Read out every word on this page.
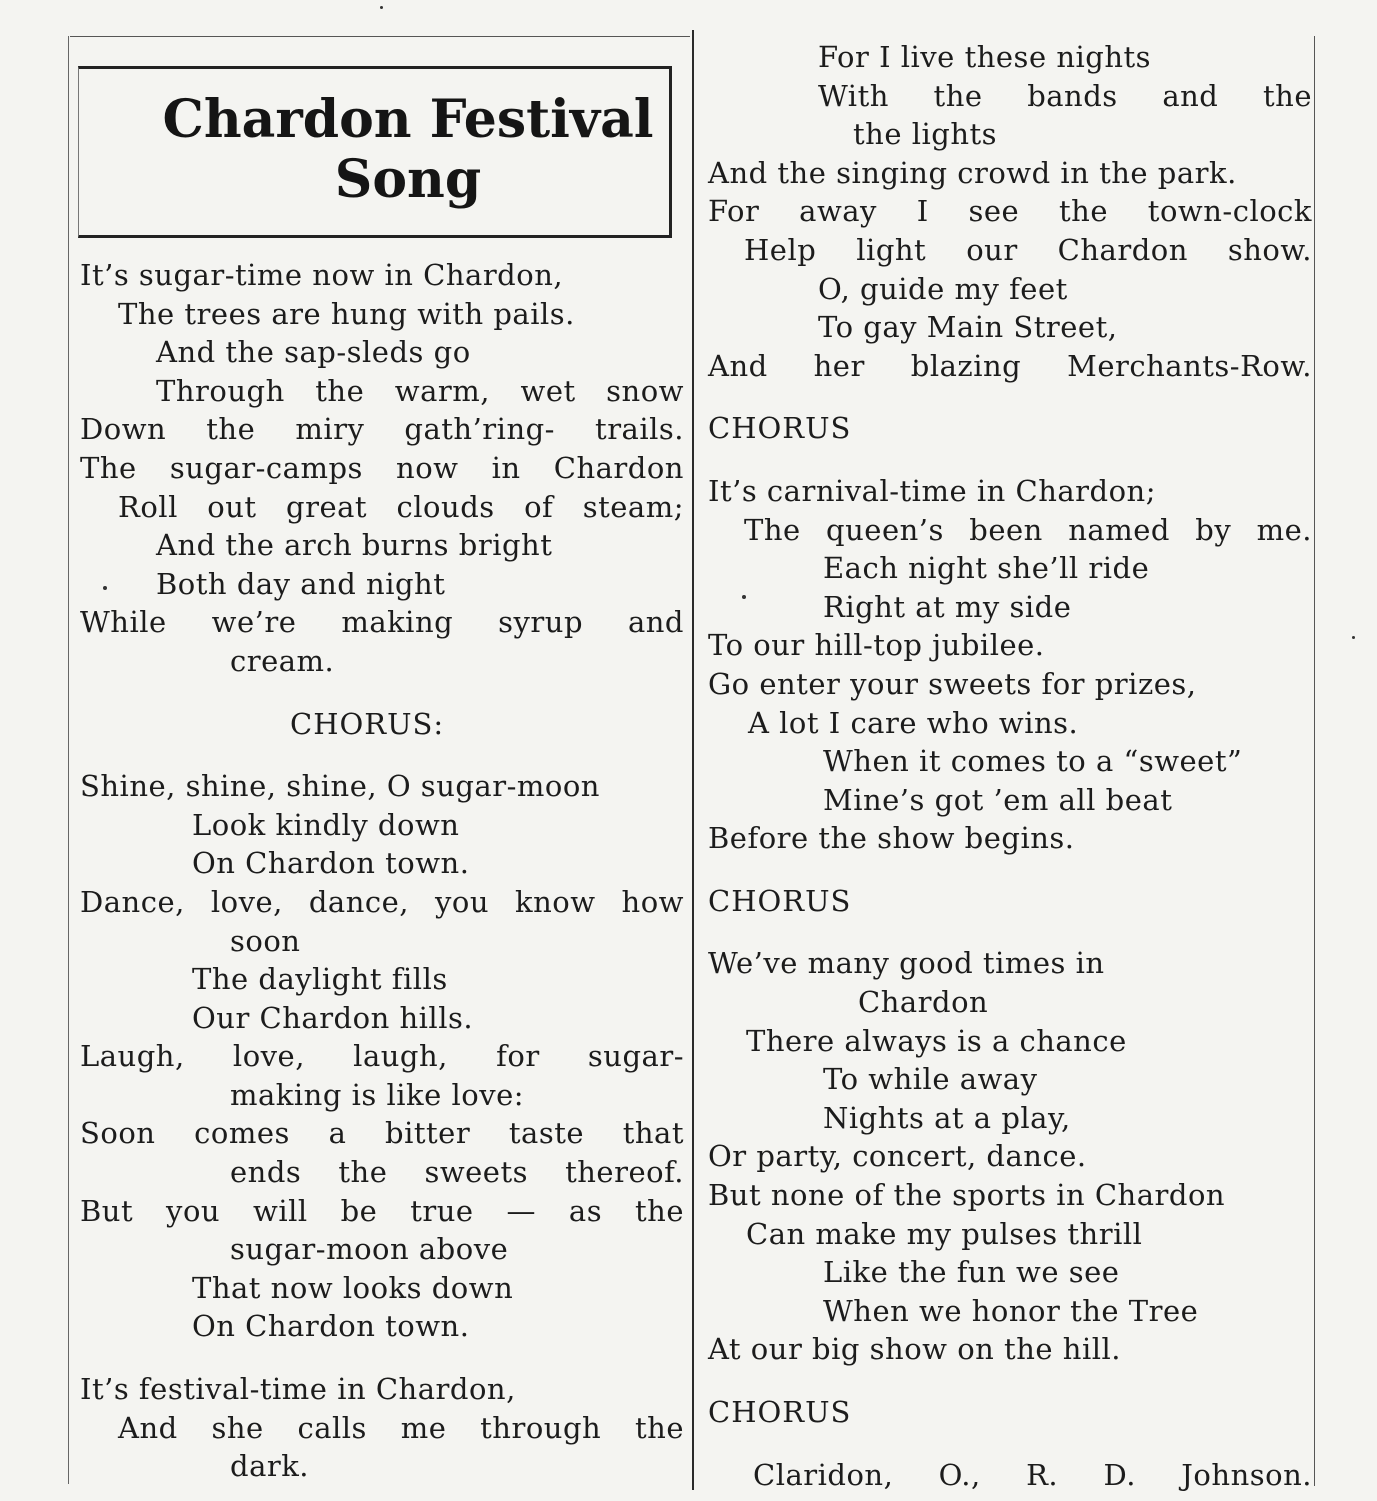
Chardon Festival
Song
It’s sugar-time now in Chardon,
The trees are hung with pails.
And the sap-sleds go
Through the warm, wet snow
Down the miry gath’ring- trails.
The sugar-camps now in Chardon
Roll out great clouds of steam;
And the arch burns bright
Both day and night
While we’re making syrup and
cream.
CHORUS:
Shine, shine, shine, O sugar-moon
Look kindly down
On Chardon town.
Dance, love, dance, you know how
soon
The daylight fills
Our Chardon hills.
Laugh, love, laugh, for sugar-
making is like love:
Soon comes a bitter taste that
ends the sweets thereof.
But you will be true — as the
sugar-moon above
That now looks down
On Chardon town.
It’s festival-time in Chardon,
And she calls me through the
dark.
For I live these nights
With the bands and the
the lights
And the singing crowd in the park.
For away I see the town-clock
Help light our Chardon show.
O, guide my feet
To gay Main Street,
And her blazing Merchants-Row.
CHORUS
It’s carnival-time in Chardon;
The queen’s been named by me.
Each night she’ll ride
Right at my side
To our hill-top jubilee.
Go enter your sweets for prizes,
A lot I care who wins.
When it comes to a “sweet”
Mine’s got ’em all beat
Before the show begins.
CHORUS
We’ve many good times in
Chardon
There always is a chance
To while away
Nights at a play,
Or party, concert, dance.
But none of the sports in Chardon
Can make my pulses thrill
Like the fun we see
When we honor the Tree
At our big show on the hill.
CHORUS
Claridon, O., R. D. Johnson.
